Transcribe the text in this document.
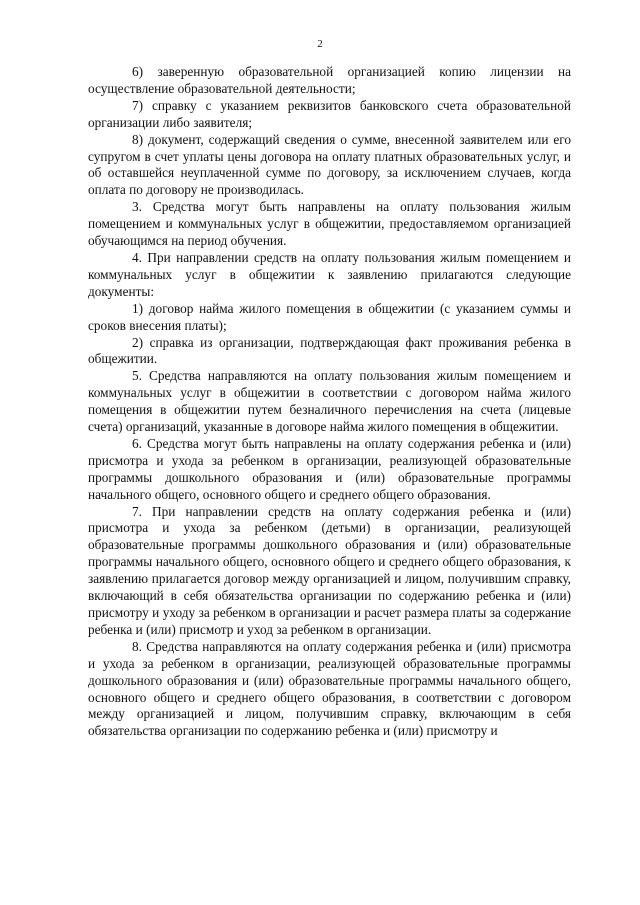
2

6) заверенную образовательной организацией копию лицензии на осуществление образовательной деятельности;

7) справку с указанием реквизитов банковского счета образовательной организации либо заявителя;

8) документ, содержащий сведения о сумме, внесенной заявителем или его супругом в счет уплаты цены договора на оплату платных образовательных услуг, и об оставшейся неуплаченной сумме по договору, за исключением случаев, когда оплата по договору не производилась.

3. Средства могут быть направлены на оплату пользования жилым помещением и коммунальных услуг в общежитии, предоставляемом организацией обучающимся на период обучения.

4. При направлении средств на оплату пользования жилым помещением и коммунальных услуг в общежитии к заявлению прилагаются следующие документы:

1) договор найма жилого помещения в общежитии (с указанием суммы и сроков внесения платы);

2) справка из организации, подтверждающая факт проживания ребенка в общежитии.

5. Средства направляются на оплату пользования жилым помещением и коммунальных услуг в общежитии в соответствии с договором найма жилого помещения в общежитии путем безналичного перечисления на счета (лицевые счета) организаций, указанные в договоре найма жилого помещения в общежитии.

6. Средства могут быть направлены на оплату содержания ребенка и (или) присмотра и ухода за ребенком в организации, реализующей образовательные программы дошкольного образования и (или) образовательные программы начального общего, основного общего и среднего общего образования.

7. При направлении средств на оплату содержания ребенка и (или) присмотра и ухода за ребенком (детьми) в организации, реализующей образовательные программы дошкольного образования и (или) образовательные программы начального общего, основного общего и среднего общего образования, к заявлению прилагается договор между организацией и лицом, получившим справку, включающий в себя обязательства организации по содержанию ребенка и (или) присмотру и уходу за ребенком в организации и расчет размера платы за содержание ребенка и (или) присмотр и уход за ребенком в организации.

8. Средства направляются на оплату содержания ребенка и (или) присмотра и ухода за ребенком в организации, реализующей образовательные программы дошкольного образования и (или) образовательные программы начального общего, основного общего и среднего общего образования, в соответствии с договором между организацией и лицом, получившим справку, включающим в себя обязательства организации по содержанию ребенка и (или) присмотру и
